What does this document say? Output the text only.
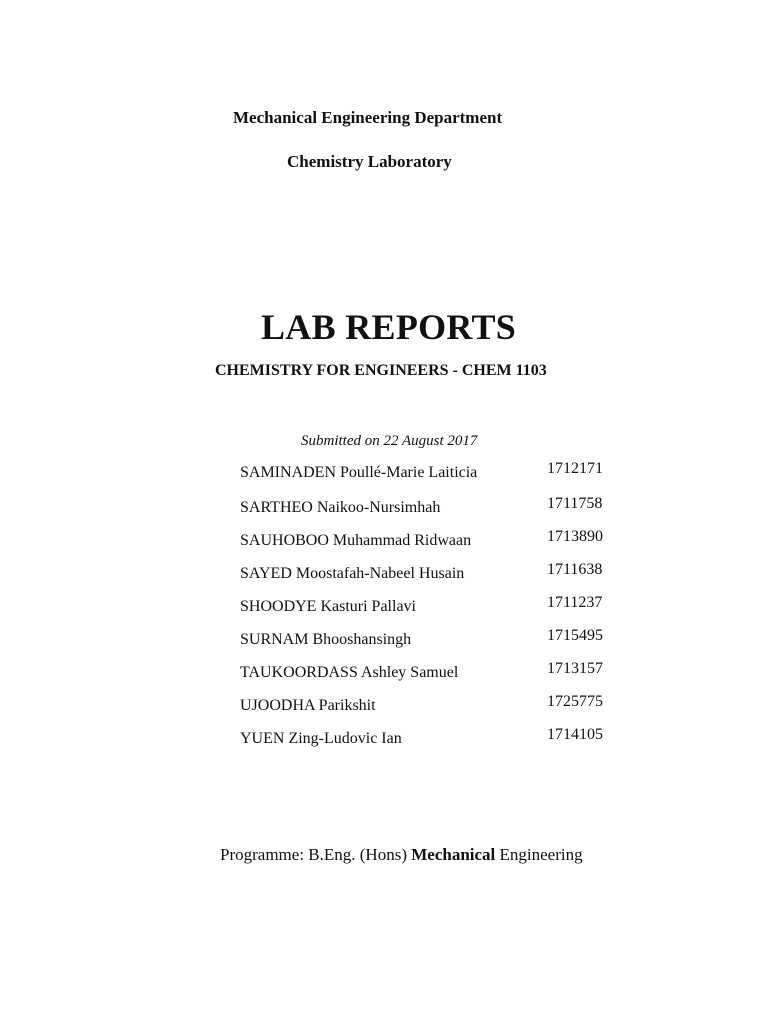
Mechanical Engineering Department
Chemistry Laboratory
LAB REPORTS
CHEMISTRY FOR ENGINEERS - CHEM 1103
Submitted on 22 August 2017
SAMINADEN Poullé-Marie Laiticia	1712171
SARTHEO Naikoo-Nursimhah	1711758
SAUHOBOO Muhammad Ridwaan	1713890
SAYED Moostafah-Nabeel Husain	1711638
SHOODYE Kasturi Pallavi	1711237
SURNAM Bhooshansingh	1715495
TAUKOORDASS Ashley Samuel	1713157
UJOODHA Parikshit	1725775
YUEN Zing-Ludovic Ian	1714105
Programme: B.Eng. (Hons) Mechanical Engineering
